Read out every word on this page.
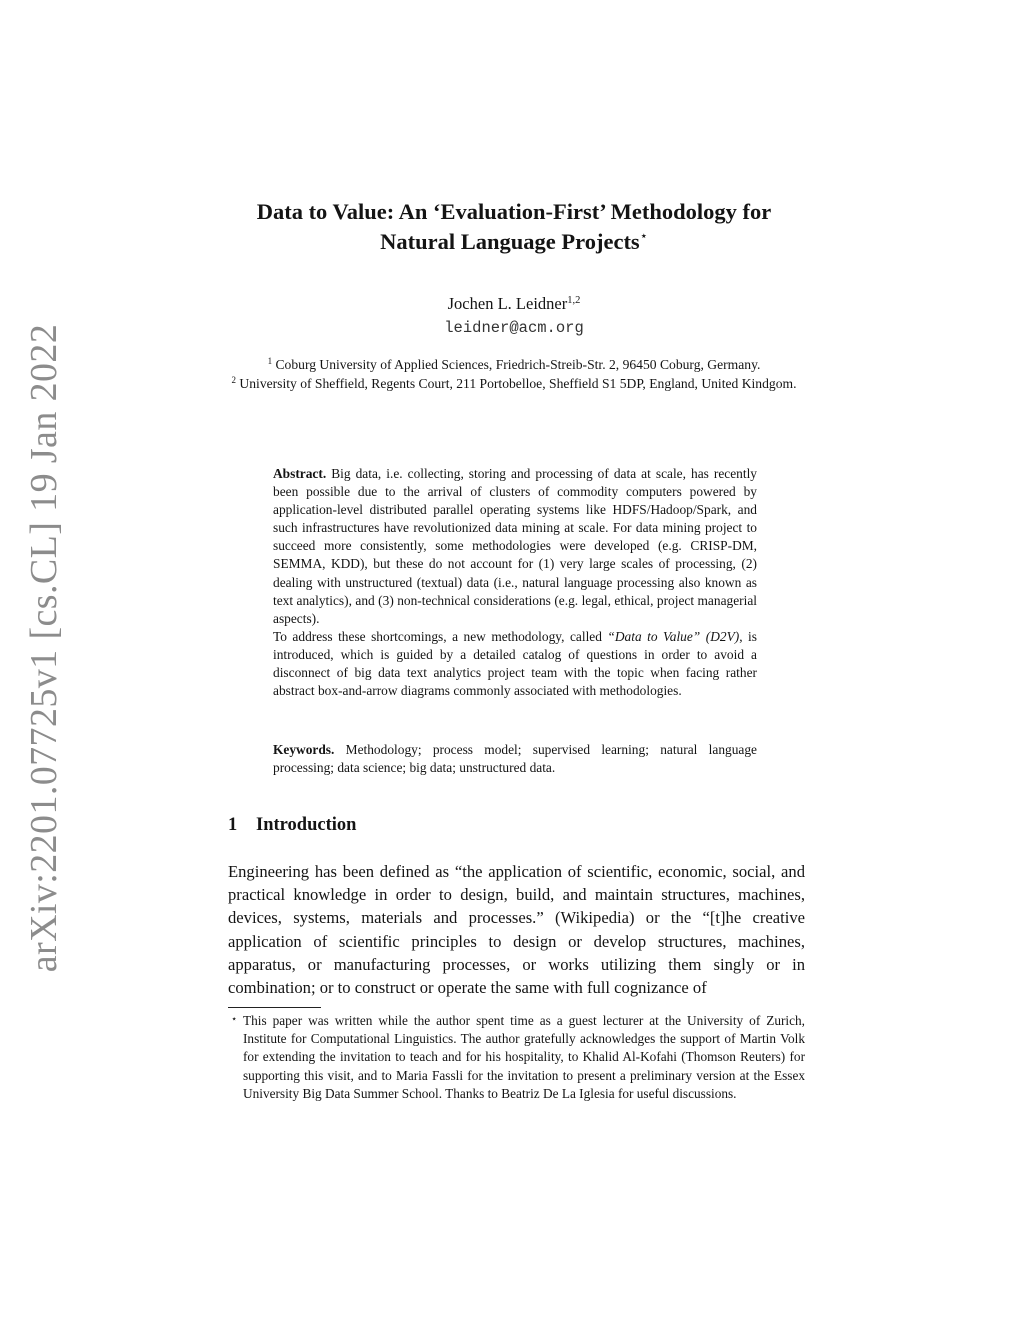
arXiv:2201.07725v1 [cs.CL] 19 Jan 2022
Data to Value: An ‘Evaluation-First’ Methodology for
Natural Language Projects⋆
Jochen L. Leidner$^{1,2}$
leidner@acm.org
$^1$ Coburg University of Applied Sciences, Friedrich-Streib-Str. 2, 96450 Coburg, Germany.
$^2$ University of Sheffield, Regents Court, 211 Portobelloe, Sheffield S1 5DP, England, United Kindgom.
Abstract. Big data, i.e. collecting, storing and processing of data at scale, has recently been possible due to the arrival of clusters of commodity computers powered by application-level distributed parallel operating systems like HDFS/Hadoop/Spark, and such infrastructures have revolutionized data mining at scale. For data mining project to succeed more consistently, some methodologies were developed (e.g. CRISP-DM, SEMMA, KDD), but these do not account for (1) very large scales of processing, (2) dealing with unstructured (textual) data (i.e., natural language processing also known as text analytics), and (3) non-technical considerations (e.g. legal, ethical, project managerial aspects).
To address these shortcomings, a new methodology, called “Data to Value” (D2V), is introduced, which is guided by a detailed catalog of questions in order to avoid a disconnect of big data text analytics project team with the topic when facing rather abstract box-and-arrow diagrams commonly associated with methodologies.
Keywords. Methodology; process model; supervised learning; natural language processing; data science; big data; unstructured data.
1 Introduction
Engineering has been defined as “the application of scientific, economic, social, and practical knowledge in order to design, build, and maintain structures, machines, devices, systems, materials and processes.” (Wikipedia) or the “[t]he creative application of scientific principles to design or develop structures, machines, apparatus, or manufacturing processes, or works utilizing them singly or in combination; or to construct or operate the same with full cognizance of
⋆ This paper was written while the author spent time as a guest lecturer at the University of Zurich, Institute for Computational Linguistics. The author gratefully acknowledges the support of Martin Volk for extending the invitation to teach and for his hospitality, to Khalid Al-Kofahi (Thomson Reuters) for supporting this visit, and to Maria Fassli for the invitation to present a preliminary version at the Essex University Big Data Summer School. Thanks to Beatriz De La Iglesia for useful discussions.
